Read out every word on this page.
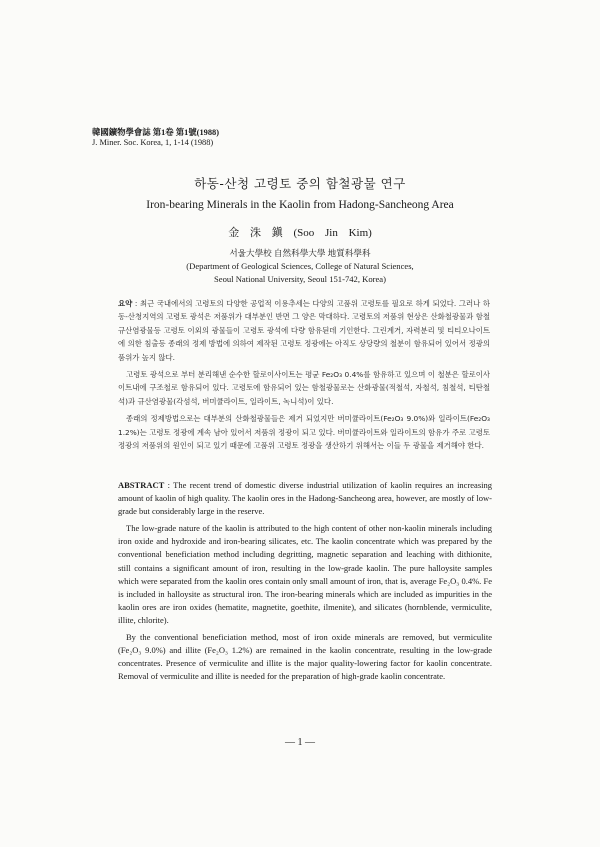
韓國鑛物學會誌 第1卷 第1號(1988)
J. Miner. Soc. Korea, 1, 1-14 (1988)
하동-산청 고령토 중의 함철광물 연구
Iron-bearing Minerals in the Kaolin from Hadong-Sancheong Area
金 洙 鎭 (Soo Jin Kim)
서울大學校 自然科學大學 地質科學科
(Department of Geological Sciences, College of Natural Sciences,
Seoul National University, Seoul 151-742, Korea)

요약 : 최근 국내에서의 고령토의 다양한 공업적 이용추세는 다양의 고품위 고령토를 필요로 하게 되었다. 그러나 하동-산청지역의 고령토 광석은 저품위가 대부분인 반면 그 양은 막대하다. 고령토의 저품위 현상은 산화철광물과 함철 규산염광물등 고령토 이외의 광물들이 고령토 광석에 다량 함유된데 기인한다. 그린계거, 자력분리 및 티티오나이트에 의한 침출등 종래의 정제 방법에 의하여 제작된 고령토 정광에는 아직도 상당량의 철분이 함유되어 있어서 정광의 품위가 높지 않다.

고령토 광석으로 부터 분리해낸 순수한 할로이사이트는 평균 Fe₂O₃ 0.4%를 함유하고 있으며 이 철분은 할로이사이트내에 구조철로 함유되어 있다. 고령토에 함유되어 있는 함철광물로는 산화광물(적철석, 자철석, 침철석, 티탄철석)과 규산염광물(각섬석, 버미큘라이트, 일라이트, 녹니석)이 있다.

종래의 정제방법으로는 대부분의 산화철광물들은 제거 되었지만 버미큘라이트(Fe₂O₃ 9.0%)와 일라이트(Fe₂O₃ 1.2%)는 고령토 정광에 계속 남아 있어서 저품위 정광이 되고 있다. 버미큘라이트와 일라이트의 함유가 주로 고령토 정광의 저품위의 원인이 되고 있기 때문에 고품위 고령토 정광을 생산하기 위해서는 이들 두 광물을 제거해야 한다.

ABSTRACT : The recent trend of domestic diverse industrial utilization of kaolin requires an increasing amount of kaolin of high quality. The kaolin ores in the Hadong-Sancheong area, however, are mostly of low-grade but considerably large in the reserve.

The low-grade nature of the kaolin is attributed to the high content of other non-kaolin minerals including iron oxide and hydroxide and iron-bearing silicates, etc. The kaolin concentrate which was prepared by the conventional beneficiation method including degritting, magnetic separation and leaching with dithionite, still contains a significant amount of iron, resulting in the low-grade kaolin. The pure halloysite samples which were separated from the kaolin ores contain only small amount of iron, that is, average Fe₂O₃ 0.4%. Fe is included in halloysite as structural iron. The iron-bearing minerals which are included as impurities in the kaolin ores are iron oxides (hematite, magnetite, goethite, ilmenite), and silicates (hornblende, vermiculite, illite, chlorite).

By the conventional beneficiation method, most of iron oxide minerals are removed, but vermiculite (Fe₂O₃ 9.0%) and illite (Fe₂O₃ 1.2%) are remained in the kaolin concentrate, resulting in the low-grade concentrates. Presence of vermiculite and illite is the major quality-lowering factor for kaolin concentrate. Removal of vermiculite and illite is needed for the preparation of high-grade kaolin concentrate.

— 1 —
